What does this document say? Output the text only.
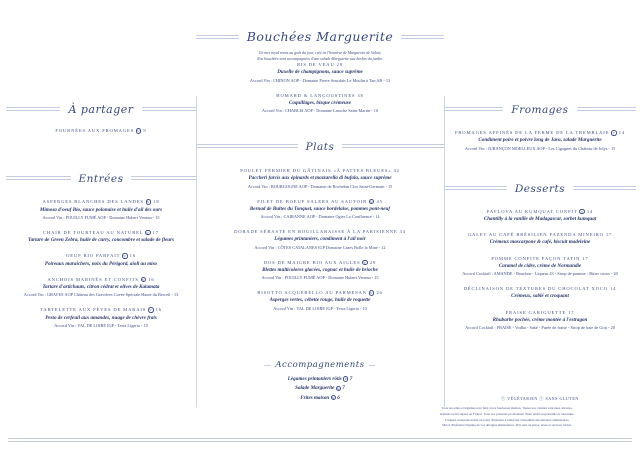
Bouchées Marguerite
Un met royal remis au goût du jour, crée en l'honneur de Marguerite de Valois.
Nos bouchées sont accompagnées d'une salade Marguerite aux herbes du jardin.
À partager
FOURNÉES AUX FROMAGES V 9
Entrées
ASPERGES BLANCHES DES LANDES V 18
Mimosa d'oeuf Bio, sauce polonaise et huile d'ail des ours
Accord Vin : POUILLY FUMÉ AOP - Domaine Hubert Veneau - 15
CHAIR DE TOURTEAU AU NATUREL V 17
Tartare de Green Zebra, huile de curry, concombre et salade de fleurs
OEUF BIO PARFAIT V 16
Poireaux maraîchers, noix du Périgord, aïoli au miso
ANCHOIS MARINÉS ET CONFITS V 16
Tartare d'artichauts, citron cédrat et olives de Kalamata
Accord Vin : GRAVES AOP Château des Gravières Cuvée Spéciale Haute du Berceil - 13
TARTELETTE AUX FÈVES DE MARAIS V 16
Pesto de cerfeuil aux amandes, nuage de chèvre frais
Accord Vin : VAL DE LOIRE IGP - Terra Ligeria - 10
RIS DE VEAU 28
Duxelle de champignons, sauce suprême
Accord Vin : CHINON AOP - Domaine Pierre Sourdais Le Moulin à Tan AB - 13
HOMARD & LANGOUSTINES 38
Coquillages, bisque crémeuse
Accord Vin : CHABLIS AOP - Domaine Laroche Saint-Martin - 16
Plats
POULET FERMIER DU GÂTINAIS «À PATTES BLEUES» 42
Paccheri farcis aux épinards et mozzarella di bufala, sauce suprême
Accord Vin : BOURGOGNE AOP - Domaine de Rochebin Clos Saint-Germain - 15
FILET DE BOEUF SALERS AU SAUTOIR V 45
Bernad de Bultes du Tonquet, sauce bordelaise, pommes pont-neuf
Accord Vin : CAIRANNE AOP - Domaine Ogier La Confluence - 14
DORADE SÉBASTE EN BOUILLABAISSE À LA PARISIENNE 34
Légumes printaniers, condiment à l'ail noir
Accord Vin : CÔTES CATALANES IGP Domaine Cazes Rolle la Mine - 12
DOS DE MAIGRE BIO AUX AIGLES V 29
Blettes multicolores glacées, cognac et huile de brioche
Accord Vin : POUILLY FUMÉ AOP - Domaine Hubert Veneau - 15
RISOTTO ACQUERELLO AU PARMESAN V 26
Asperges vertes, cébette rouge, huile de roquette
Accord Vin : VAL DE LOIRE IGP - Terra Ligeria - 10
Fromages
FROMAGES AFFINÉS DE LA FERME DE LA TREMBLAIE V 14
Condiment poire et poivre long de Java, salade Marguerite
Accord Vin : JURANÇON MOELLEUX AOP - Les Cigognes du Château de Jolys - 15
Desserts
PAVLOVA AU KUMQUAT CONFIT V 14
Chantilly à la vanille de Madagascar, sorbet kumquat
GALET AU CAFÉ BRÉSILIEN FAZENDA MINEIRO 17
Crémeux mascarpone & café, biscuit madeleine
POMME CONFITE FAÇON TATIN 17
Caramel de cidre, crème de Normandie
Accord Cocktail : AMANDE - Bourbon - Liqueur 43 - Sirop de pomme - Bitter cacao - 20
DÉCLINAISON DE TEXTURES DU CHOCOLAT XOCO 14
Crémeux, sablé et croquant
FRAISE GARIGUETTE 17
Rhubarbe pochée, crème montée à l'estragon
Accord Cocktail : FRAISE - Vodka - Saké - Purée de fraise - Sirop de baie de Goji - 20
— Accompagnements —
Légumes printaniers rôtis V 7
Salade Marguerite V 7
Frites maison V 6	ⓥ VÉGÉTARIEN ⓥ SANS GLUTEN
Tous nos plats et légumes sont faits à nos fourneaux maison. Toutes nos viandes sont nées, élevées,
abattues et découpées en France. Tous nos poissons proviennent d'une pêche responsable et raisonnée.
L'équipe restauration met un point d'honneur à remercier l'ensemble des éleveurs alimentaires.
Merci d'informer l'équipe de vos allergies alimentaires. Prix nets en euros, taxes et services inclus.
